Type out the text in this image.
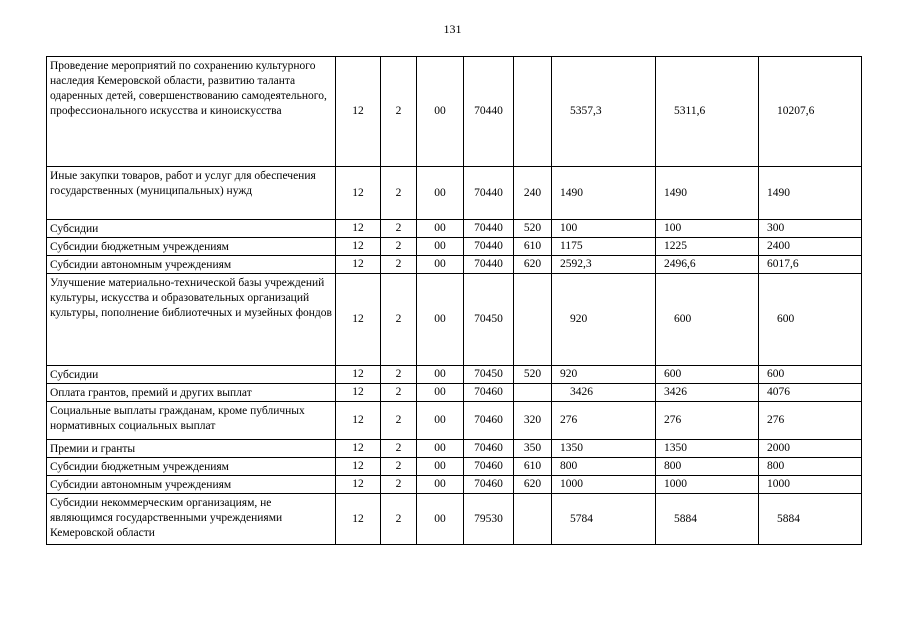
131
Проведение мероприятий по сохранению культурного наследия Кемеровской области, развитию таланта одаренных детей, совершенствованию самодеятельного, профессионального искусства и киноискусства	12	2	00	70440		5357,3	5311,6	10207,6
Иные закупки товаров, работ и услуг для обеспечения государственных (муниципальных) нужд	12	2	00	70440	240	1490	1490	1490
Субсидии	12	2	00	70440	520	100	100	300
Субсидии бюджетным учреждениям	12	2	00	70440	610	1175	1225	2400
Субсидии автономным учреждениям	12	2	00	70440	620	2592,3	2496,6	6017,6
Улучшение материально-технической базы учреждений культуры, искусства и образовательных организаций культуры, пополнение библиотечных и музейных фондов	12	2	00	70450		920	600	600
Субсидии	12	2	00	70450	520	920	600	600
Оплата грантов, премий и других выплат	12	2	00	70460		3426	3426	4076
Социальные выплаты гражданам, кроме публичных нормативных социальных выплат	12	2	00	70460	320	276	276	276
Премии и гранты	12	2	00	70460	350	1350	1350	2000
Субсидии бюджетным учреждениям	12	2	00	70460	610	800	800	800
Субсидии автономным учреждениям	12	2	00	70460	620	1000	1000	1000
Субсидии некоммерческим организациям, не являющимся государственными учреждениями Кемеровской области	12	2	00	79530		5784	5884	5884
